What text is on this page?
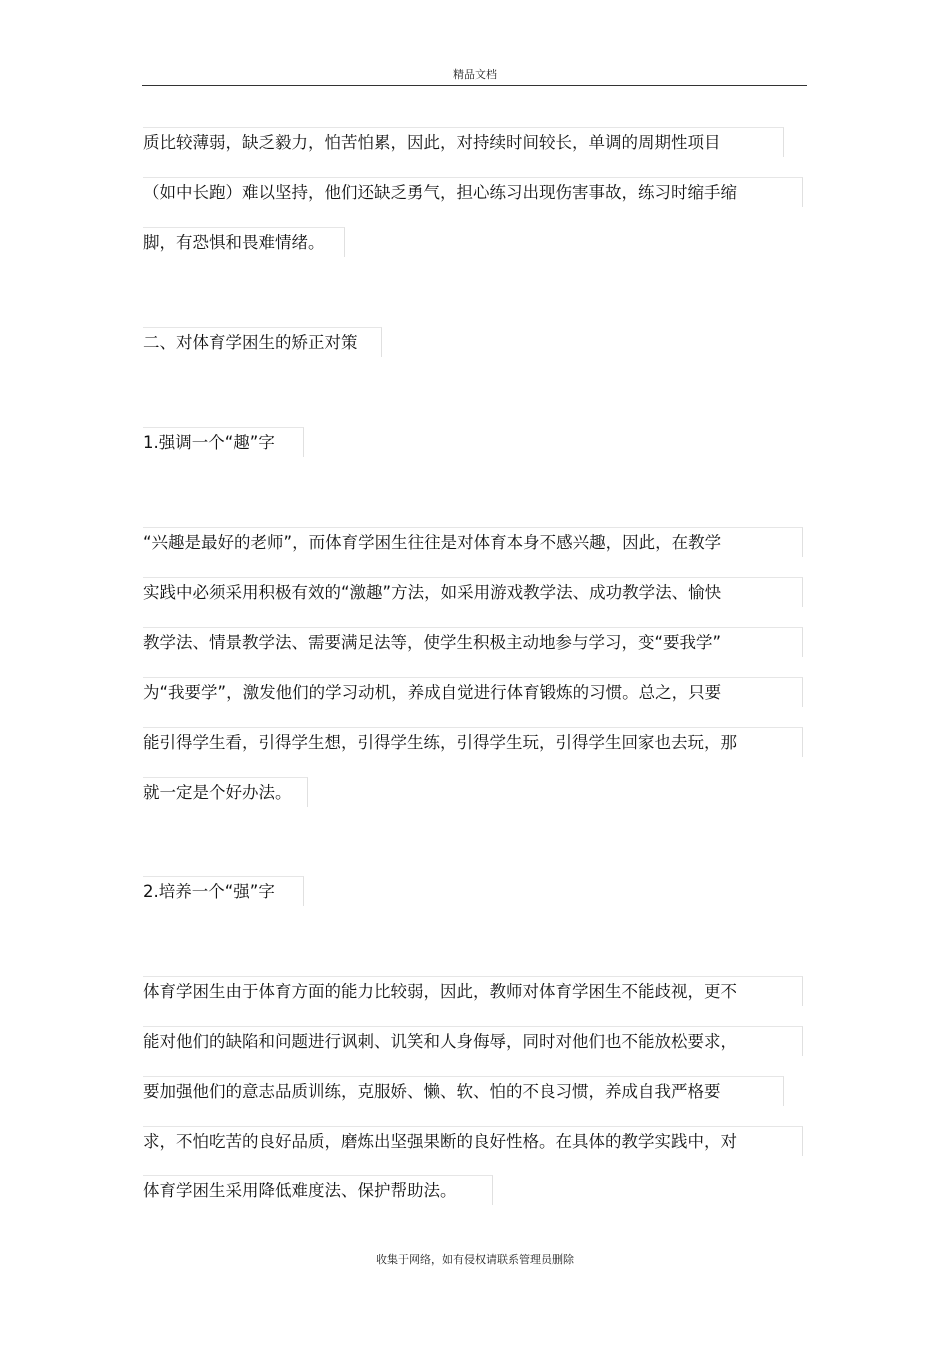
精品文档
质比较薄弱，缺乏毅力，怕苦怕累，因此，对持续时间较长，单调的周期性项目
（如中长跑）难以坚持，他们还缺乏勇气，担心练习出现伤害事故，练习时缩手缩
脚，有恐惧和畏难情绪。
二、对体育学困生的矫正对策
1.强调一个“趣”字
“兴趣是最好的老师”，而体育学困生往往是对体育本身不感兴趣，因此，在教学
实践中必须采用积极有效的“激趣”方法，如采用游戏教学法、成功教学法、愉快
教学法、情景教学法、需要满足法等，使学生积极主动地参与学习，变“要我学”
为“我要学”，激发他们的学习动机，养成自觉进行体育锻炼的习惯。总之，只要
能引得学生看，引得学生想，引得学生练，引得学生玩，引得学生回家也去玩，那
就一定是个好办法。
2.培养一个“强”字
体育学困生由于体育方面的能力比较弱，因此，教师对体育学困生不能歧视，更不
能对他们的缺陷和问题进行讽刺、讥笑和人身侮辱，同时对他们也不能放松要求，
要加强他们的意志品质训练，克服娇、懒、软、怕的不良习惯，养成自我严格要
求，不怕吃苦的良好品质，磨炼出坚强果断的良好性格。在具体的教学实践中，对
体育学困生采用降低难度法、保护帮助法。
收集于网络，如有侵权请联系管理员删除
